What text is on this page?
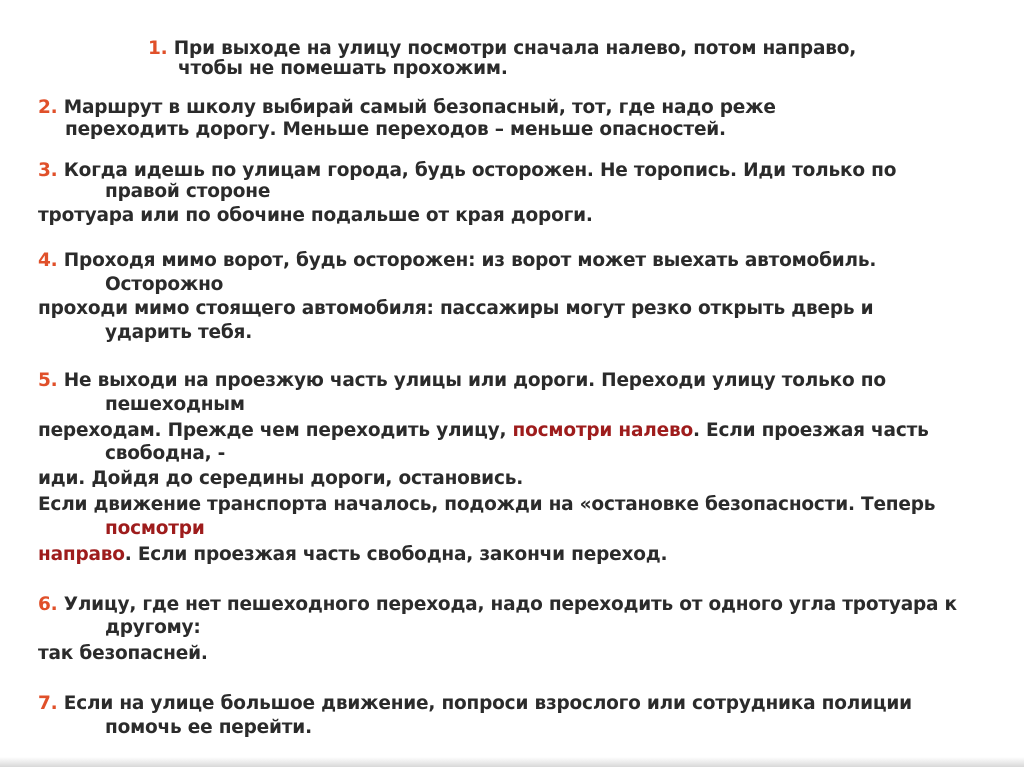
1. При выходе на улицу посмотри сначала налево, потом направо,
чтобы не помешать прохожим.
2. Маршрут в школу выбирай самый безопасный, тот, где надо реже
переходить дорогу. Меньше переходов – меньше опасностей.
3. Когда идешь по улицам города, будь осторожен. Не торопись. Иди только по
правой стороне
тротуара или по обочине подальше от края дороги.
4. Проходя мимо ворот, будь осторожен: из ворот может выехать автомобиль.
Осторожно
проходи мимо стоящего автомобиля: пассажиры могут резко открыть дверь и
ударить тебя.
5. Не выходи на проезжую часть улицы или дороги. Переходи улицу только по
пешеходным
переходам. Прежде чем переходить улицу, посмотри налево. Если проезжая часть
свободна, -
иди. Дойдя до середины дороги, остановись.
Если движение транспорта началось, подожди на «остановке безопасности. Теперь
посмотри
направо. Если проезжая часть свободна, закончи переход.
6. Улицу, где нет пешеходного перехода, надо переходить от одного угла тротуара к
другому:
так безопасней.
7. Если на улице большое движение, попроси взрослого или сотрудника полиции
помочь ее перейти.
